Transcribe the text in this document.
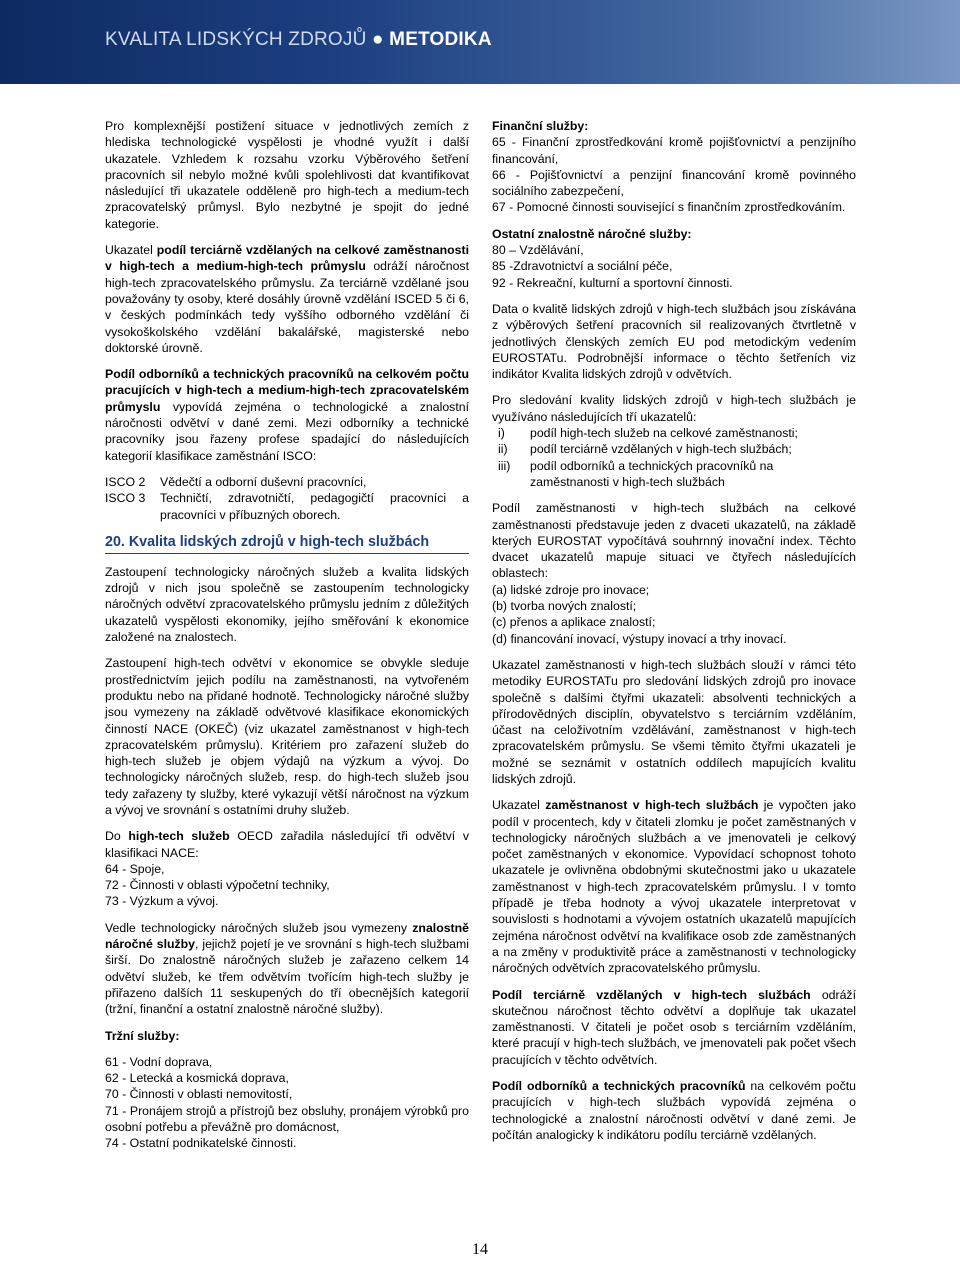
KVALITA LIDSKÝCH ZDROJŮ ● METODIKA

Pro komplexnější postižení situace v jednotlivých zemích z hlediska technologické vyspělosti je vhodné využít i další ukazatele. Vzhledem k rozsahu vzorku Výběrového šetření pracovních sil nebylo možné kvůli spolehlivosti dat kvantifikovat následující tři ukazatele odděleně pro high-tech a medium-tech zpracovatelský průmysl. Bylo nezbytné je spojit do jedné kategorie.

Ukazatel podíl terciárně vzdělaných na celkové zaměstnanosti v high-tech a medium-high-tech průmyslu odráží náročnost high-tech zpracovatelského průmyslu. Za terciárně vzdělané jsou považovány ty osoby, které dosáhly úrovně vzdělání ISCED 5 či 6, v českých podmínkách tedy vyššího odborného vzdělání či vysokoškolského vzdělání bakalářské, magisterské nebo doktorské úrovně.

Podíl odborníků a technických pracovníků na celkovém počtu pracujících v high-tech a medium-high-tech zpracovatelském průmyslu vypovídá zejména o technologické a znalostní náročnosti odvětví v dané zemi. Mezi odborníky a technické pracovníky jsou řazeny profese spadající do následujících kategorií klasifikace zaměstnání ISCO:

ISCO 2	Vědečtí a odborní duševní pracovníci,
ISCO 3	Techničtí, zdravotničtí, pedagogičtí pracovníci a pracovníci v příbuzných oborech.
20. Kvalita lidských zdrojů v high-tech službách

Zastoupení technologicky náročných služeb a kvalita lidských zdrojů v nich jsou společně se zastoupením technologicky náročných odvětví zpracovatelského průmyslu jedním z důležitých ukazatelů vyspělosti ekonomiky, jejího směřování k ekonomice založené na znalostech.

Zastoupení high-tech odvětví v ekonomice se obvykle sleduje prostřednictvím jejich podílu na zaměstnanosti, na vytvořeném produktu nebo na přidané hodnotě. Technologicky náročné služby jsou vymezeny na základě odvětvové klasifikace ekonomických činností NACE (OKEČ) (viz ukazatel zaměstnanost v high-tech zpracovatelském průmyslu). Kritériem pro zařazení služeb do high-tech služeb je objem výdajů na výzkum a vývoj. Do technologicky náročných služeb, resp. do high-tech služeb jsou tedy zařazeny ty služby, které vykazují větší náročnost na výzkum a vývoj ve srovnání s ostatními druhy služeb.

Do high-tech služeb OECD zařadila následující tři odvětví v klasifikaci NACE:

64 - Spoje,
72 - Činnosti v oblasti výpočetní techniky,
73 - Výzkum a vývoj.

Vedle technologicky náročných služeb jsou vymezeny znalostně náročné služby, jejichž pojetí je ve srovnání s high-tech službami širší. Do znalostně náročných služeb je zařazeno celkem 14 odvětví služeb, ke třem odvětvím tvořícím high-tech služby je přiřazeno dalších 11 seskupených do tří obecnějších kategorií (tržní, finanční a ostatní znalostně náročné služby).

Tržní služby:

61 - Vodní doprava,
62 - Letecká a kosmická doprava,
70 - Činnosti v oblasti nemovitostí,
71 - Pronájem strojů a přístrojů bez obsluhy, pronájem výrobků pro osobní potřebu a převážně pro domácnost,
74 - Ostatní podnikatelské činnosti.
Finanční služby:
65 - Finanční zprostředkování kromě pojišťovnictví a penzijního financování,
66 - Pojišťovnictví a penzijní financování kromě povinného sociálního zabezpečení,
67 - Pomocné činnosti související s finančním zprostředkováním.
Ostatní znalostně náročné služby:
80 – Vzdělávání,
85 -Zdravotnictví a sociální péče,
92 - Rekreační, kulturní a sportovní činnosti.

Data o kvalitě lidských zdrojů v high-tech službách jsou získávána z výběrových šetření pracovních sil realizovaných čtvrtletně v jednotlivých členských zemích EU pod metodickým vedením EUROSTATu. Podrobnější informace o těchto šetřeních viz indikátor Kvalita lidských zdrojů v odvětvích.

Pro sledování kvality lidských zdrojů v high-tech službách je využíváno následujících tří ukazatelů:

i)	podíl high-tech služeb na celkové zaměstnanosti;
ii)	podíl terciárně vzdělaných v high-tech službách;
iii)	podíl odborníků a technických pracovníků na zaměstnanosti v high-tech službách

Podíl zaměstnanosti v high-tech službách na celkové zaměstnanosti představuje jeden z dvaceti ukazatelů, na základě kterých EUROSTAT vypočítává souhrnný inovační index. Těchto dvacet ukazatelů mapuje situaci ve čtyřech následujících oblastech:

(a) lidské zdroje pro inovace;
(b) tvorba nových znalostí;
(c) přenos a aplikace znalostí;
(d) financování inovací, výstupy inovací a trhy inovací.

Ukazatel zaměstnanosti v high-tech službách slouží v rámci této metodiky EUROSTATu pro sledování lidských zdrojů pro inovace společně s dalšími čtyřmi ukazateli: absolventi technických a přírodovědných disciplín, obyvatelstvo s terciárním vzděláním, účast na celoživotním vzdělávání, zaměstnanost v high-tech zpracovatelském průmyslu. Se všemi těmito čtyřmi ukazateli je možné se seznámit v ostatních oddílech mapujících kvalitu lidských zdrojů.

Ukazatel zaměstnanost v high-tech službách je vypočten jako podíl v procentech, kdy v čitateli zlomku je počet zaměstnaných v technologicky náročných službách a ve jmenovateli je celkový počet zaměstnaných v ekonomice. Vypovídací schopnost tohoto ukazatele je ovlivněna obdobnými skutečnostmi jako u ukazatele zaměstnanost v high-tech zpracovatelském průmyslu. I v tomto případě je třeba hodnoty a vývoj ukazatele interpretovat v souvislosti s hodnotami a vývojem ostatních ukazatelů mapujících zejména náročnost odvětví na kvalifikace osob zde zaměstnaných a na změny v produktivitě práce a zaměstnanosti v technologicky náročných odvětvích zpracovatelského průmyslu.

Podíl terciárně vzdělaných v high-tech službách odráží skutečnou náročnost těchto odvětví a doplňuje tak ukazatel zaměstnanosti. V čitateli je počet osob s terciárním vzděláním, které pracují v high-tech službách, ve jmenovateli pak počet všech pracujících v těchto odvětvích.

Podíl odborníků a technických pracovníků na celkovém počtu pracujících v high-tech službách vypovídá zejména o technologické a znalostní náročnosti odvětví v dané zemi. Je počítán analogicky k indikátoru podílu terciárně vzdělaných.

14
